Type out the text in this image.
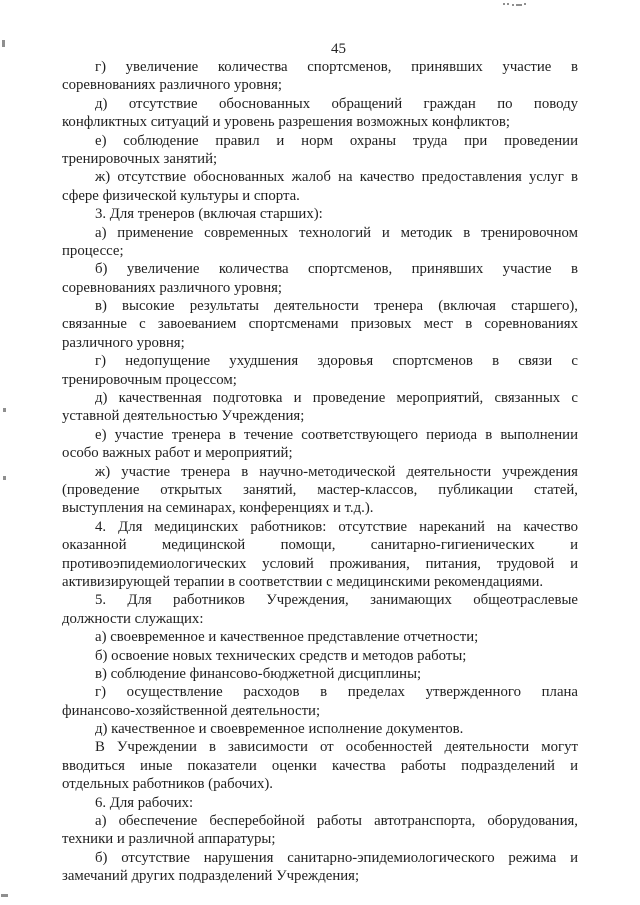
45
г) увеличение количества спортсменов, принявших участие в
соревнованиях различного уровня;
д) отсутствие обоснованных обращений граждан по поводу
конфликтных ситуаций и уровень разрешения возможных конфликтов;
е) соблюдение правил и норм охраны труда при проведении
тренировочных занятий;
ж) отсутствие обоснованных жалоб на качество предоставления услуг в
сфере физической культуры и спорта.
3. Для тренеров (включая старших):
а) применение современных технологий и методик в тренировочном
процессе;
б) увеличение количества спортсменов, принявших участие в
соревнованиях различного уровня;
в) высокие результаты деятельности тренера (включая старшего),
связанные с завоеванием спортсменами призовых мест в соревнованиях
различного уровня;
г) недопущение ухудшения здоровья спортсменов в связи с
тренировочным процессом;
д) качественная подготовка и проведение мероприятий, связанных с
уставной деятельностью Учреждения;
е) участие тренера в течение соответствующего периода в выполнении
особо важных работ и мероприятий;
ж) участие тренера в научно-методической деятельности учреждения
(проведение открытых занятий, мастер-классов, публикации статей,
выступления на семинарах, конференциях и т.д.).
4. Для медицинских работников: отсутствие нареканий на качество
оказанной медицинской помощи, санитарно-гигиенических и
противоэпидемиологических условий проживания, питания, трудовой и
активизирующей терапии в соответствии с медицинскими рекомендациями.
5. Для работников Учреждения, занимающих общеотраслевые
должности служащих:
а) своевременное и качественное представление отчетности;
б) освоение новых технических средств и методов работы;
в) соблюдение финансово-бюджетной дисциплины;
г) осуществление расходов в пределах утвержденного плана
финансово-хозяйственной деятельности;
д) качественное и своевременное исполнение документов.
В Учреждении в зависимости от особенностей деятельности могут
вводиться иные показатели оценки качества работы подразделений и
отдельных работников (рабочих).
6. Для рабочих:
а) обеспечение бесперебойной работы автотранспорта, оборудования,
техники и различной аппаратуры;
б) отсутствие нарушения санитарно-эпидемиологического режима и
замечаний других подразделений Учреждения;
